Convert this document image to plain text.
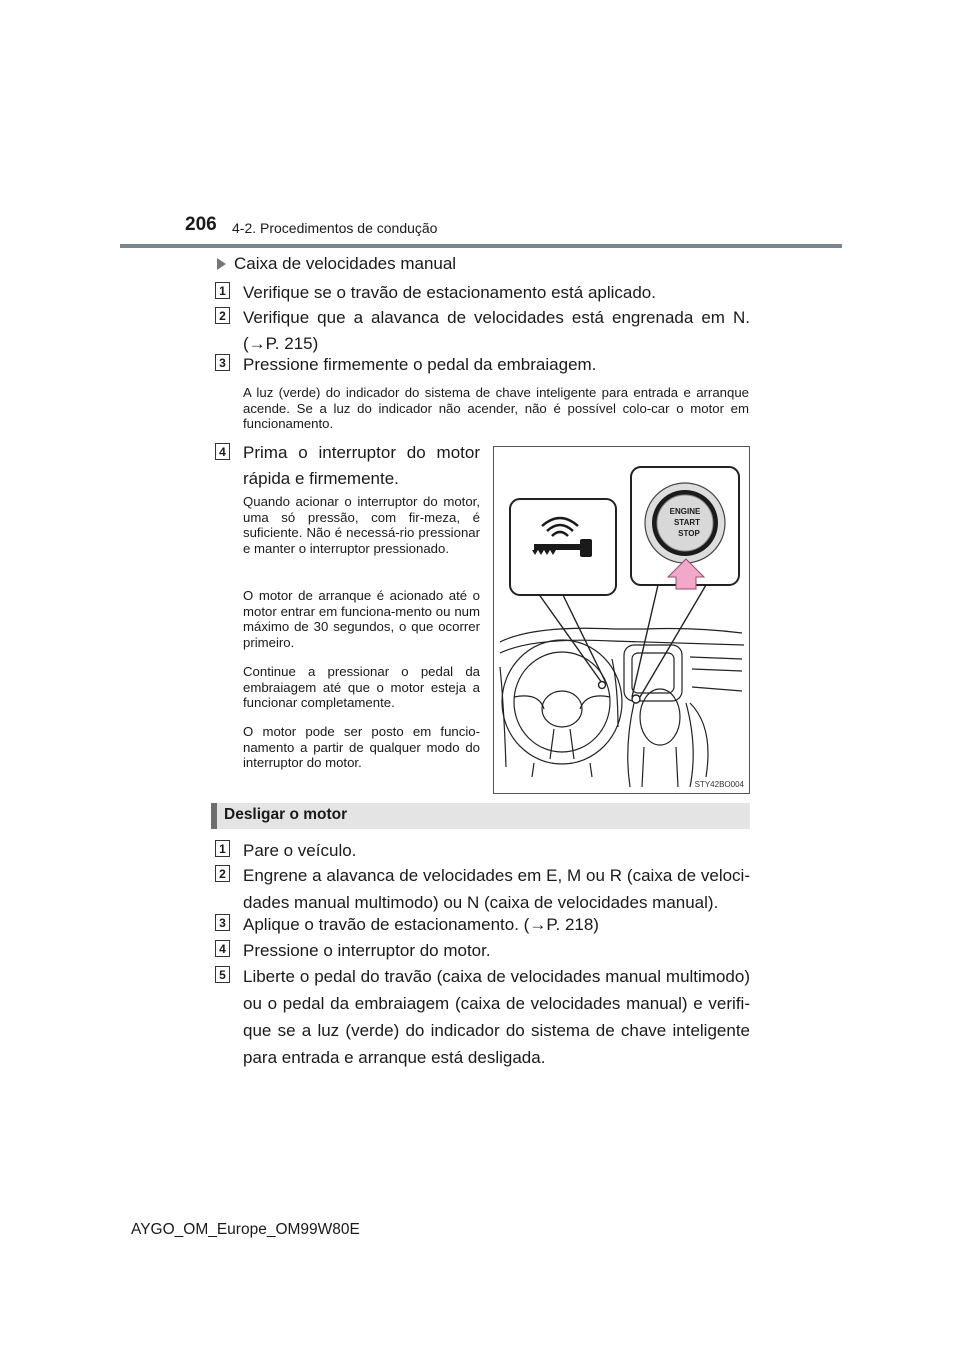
206 4-2. Procedimentos de condução
Caixa de velocidades manual
1 Verifique se o travão de estacionamento está aplicado.
2 Verifique que a alavanca de velocidades está engrenada em N.
(→P. 215)
3 Pressione firmemente o pedal da embraiagem.
A luz (verde) do indicador do sistema de chave inteligente para entrada e arranque acende. Se a luz do indicador não acender, não é possível colo-car o motor em funcionamento.
4 Prima o interruptor do motor rápida e firmemente.
Quando acionar o interruptor do motor, uma só pressão, com fir-meza, é suficiente. Não é necessá-rio pressionar e manter o interruptor pressionado.
O motor de arranque é acionado até o motor entrar em funciona-mento ou num máximo de 30 segundos, o que ocorrer primeiro.
Continue a pressionar o pedal da embraiagem até que o motor esteja a funcionar completamente.
O motor pode ser posto em funcio-namento a partir de qualquer modo do interruptor do motor.
ENGINE
START
STOP
STY42BO004
Desligar o motor
1 Pare o veículo.
2 Engrene a alavanca de velocidades em E, M ou R (caixa de veloci-dades manual multimodo) ou N (caixa de velocidades manual).
3 Aplique o travão de estacionamento. (→P. 218)
4 Pressione o interruptor do motor.
5 Liberte o pedal do travão (caixa de velocidades manual multimodo) ou o pedal da embraiagem (caixa de velocidades manual) e verifi-que se a luz (verde) do indicador do sistema de chave inteligente para entrada e arranque está desligada.
AYGO_OM_Europe_OM99W80E
